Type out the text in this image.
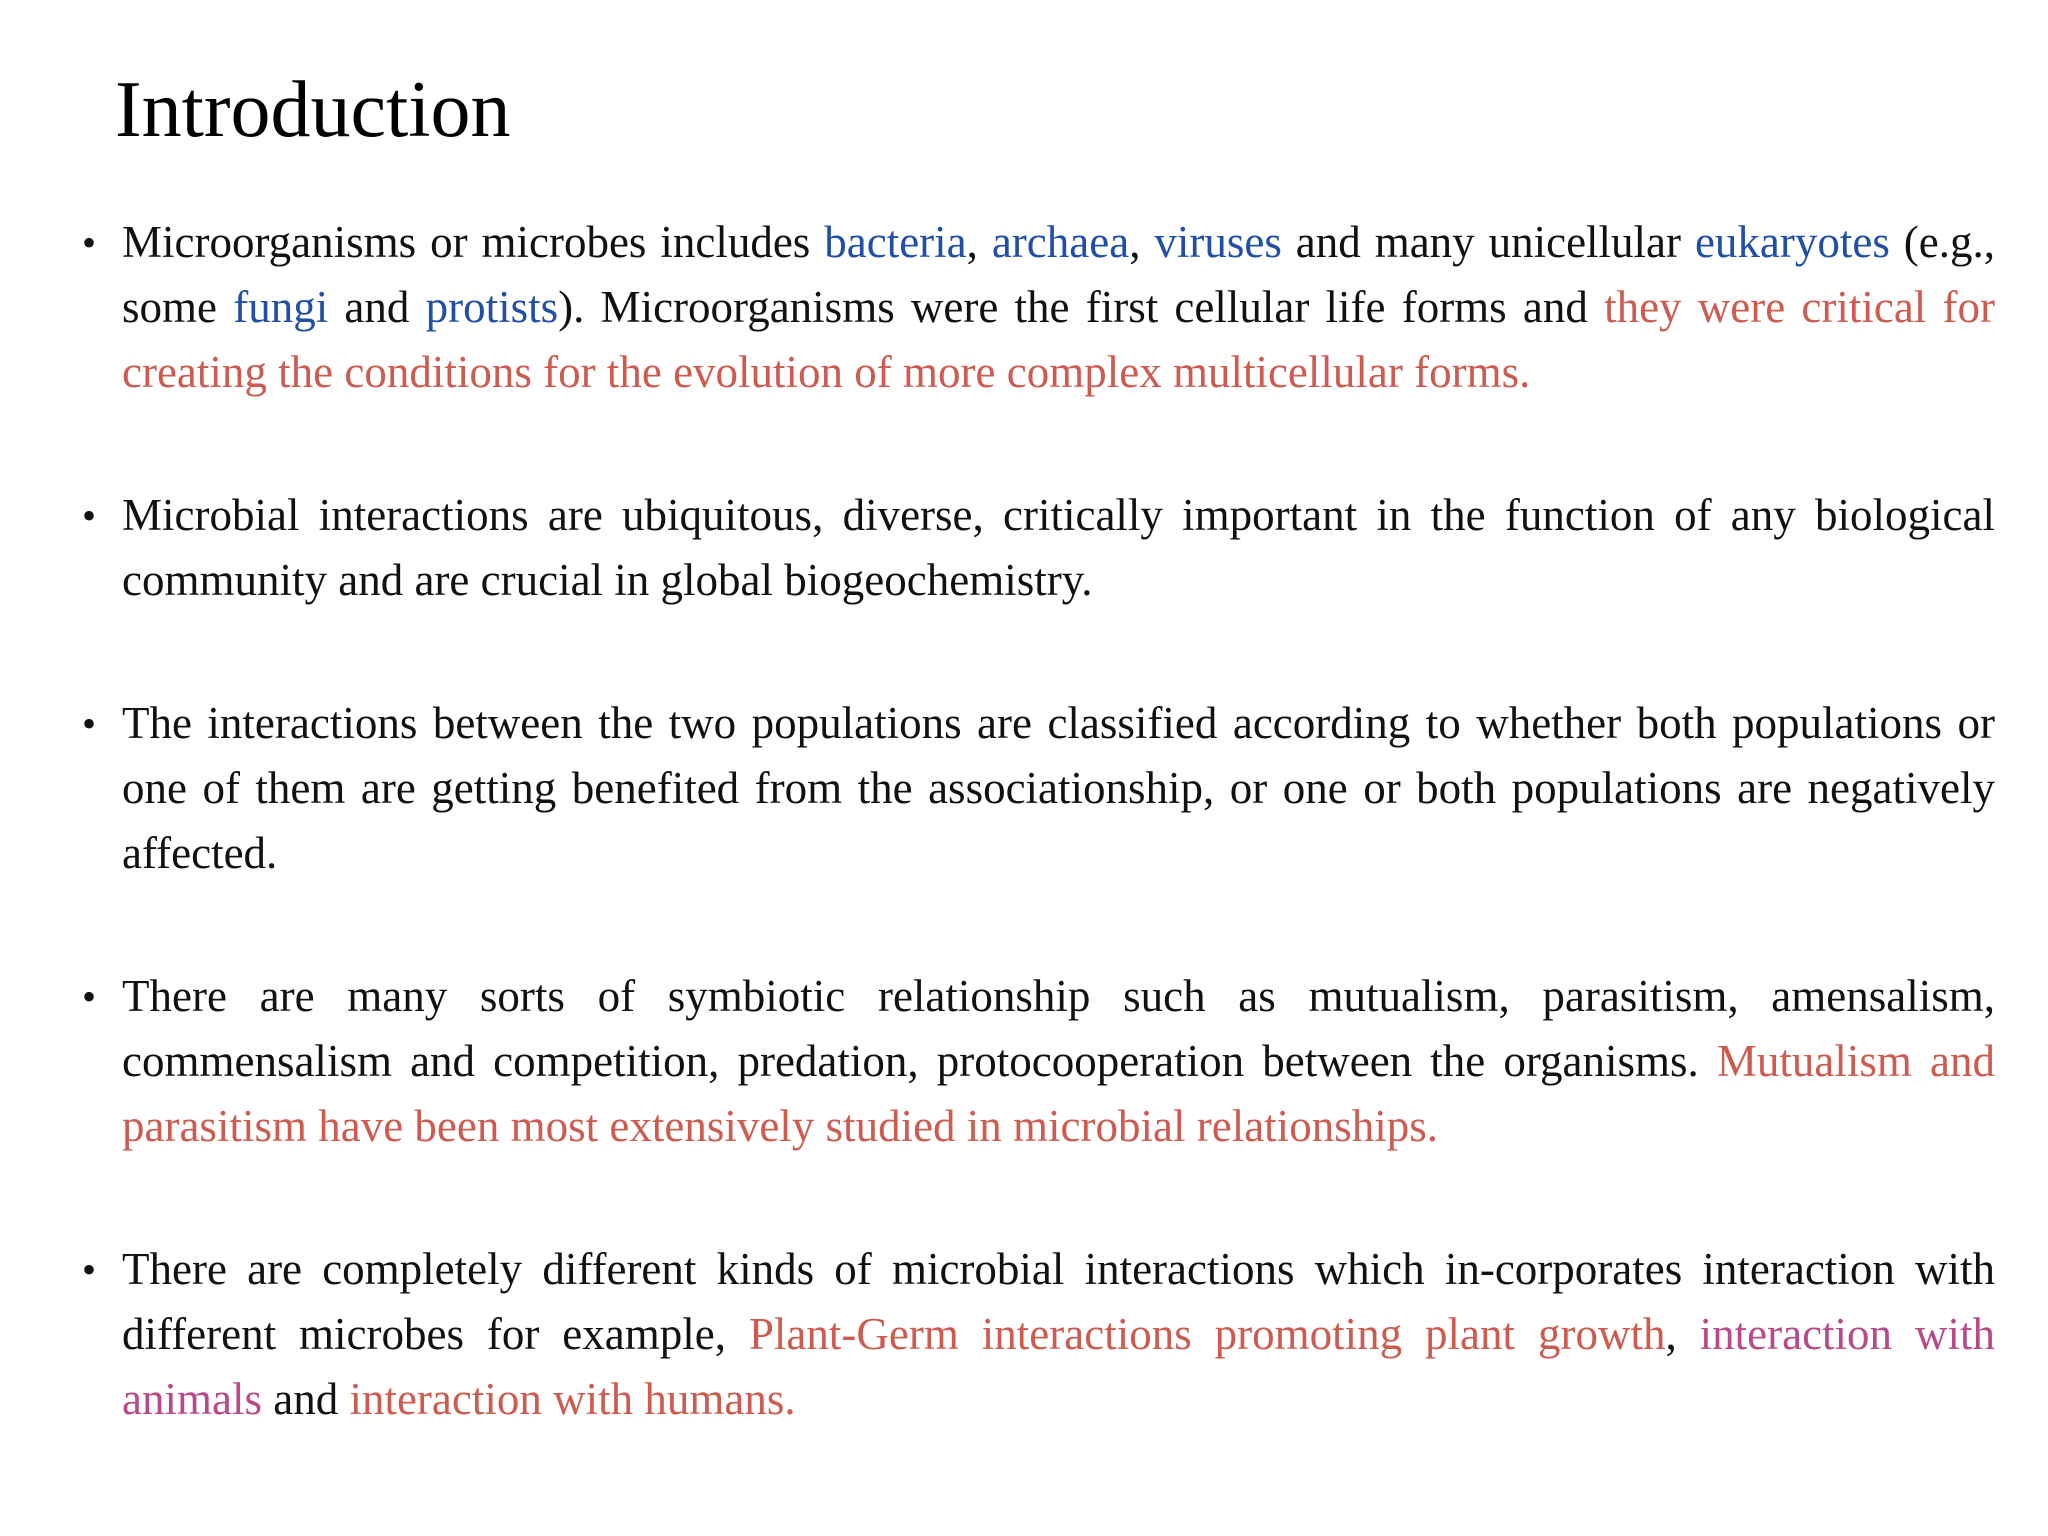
Introduction
• Microorganisms or microbes includes bacteria, archaea, viruses and many unicellular eukaryotes (e.g., some fungi and protists). Microorganisms were the first cellular life forms and they were critical for creating the conditions for the evolution of more complex multicellular forms.
• Microbial interactions are ubiquitous, diverse, critically important in the function of any biological community and are crucial in global biogeochemistry.
• The interactions between the two populations are classified according to whether both populations or one of them are getting benefited from the associationship, or one or both populations are negatively affected.
• There are many sorts of symbiotic relationship such as mutualism, parasitism, amensalism, commensalism and competition, predation, protocooperation between the organisms. Mutualism and parasitism have been most extensively studied in microbial relationships.
• There are completely different kinds of microbial interactions which in-corporates interaction with different microbes for example, Plant-Germ interactions promoting plant growth, interaction with animals and interaction with humans.
